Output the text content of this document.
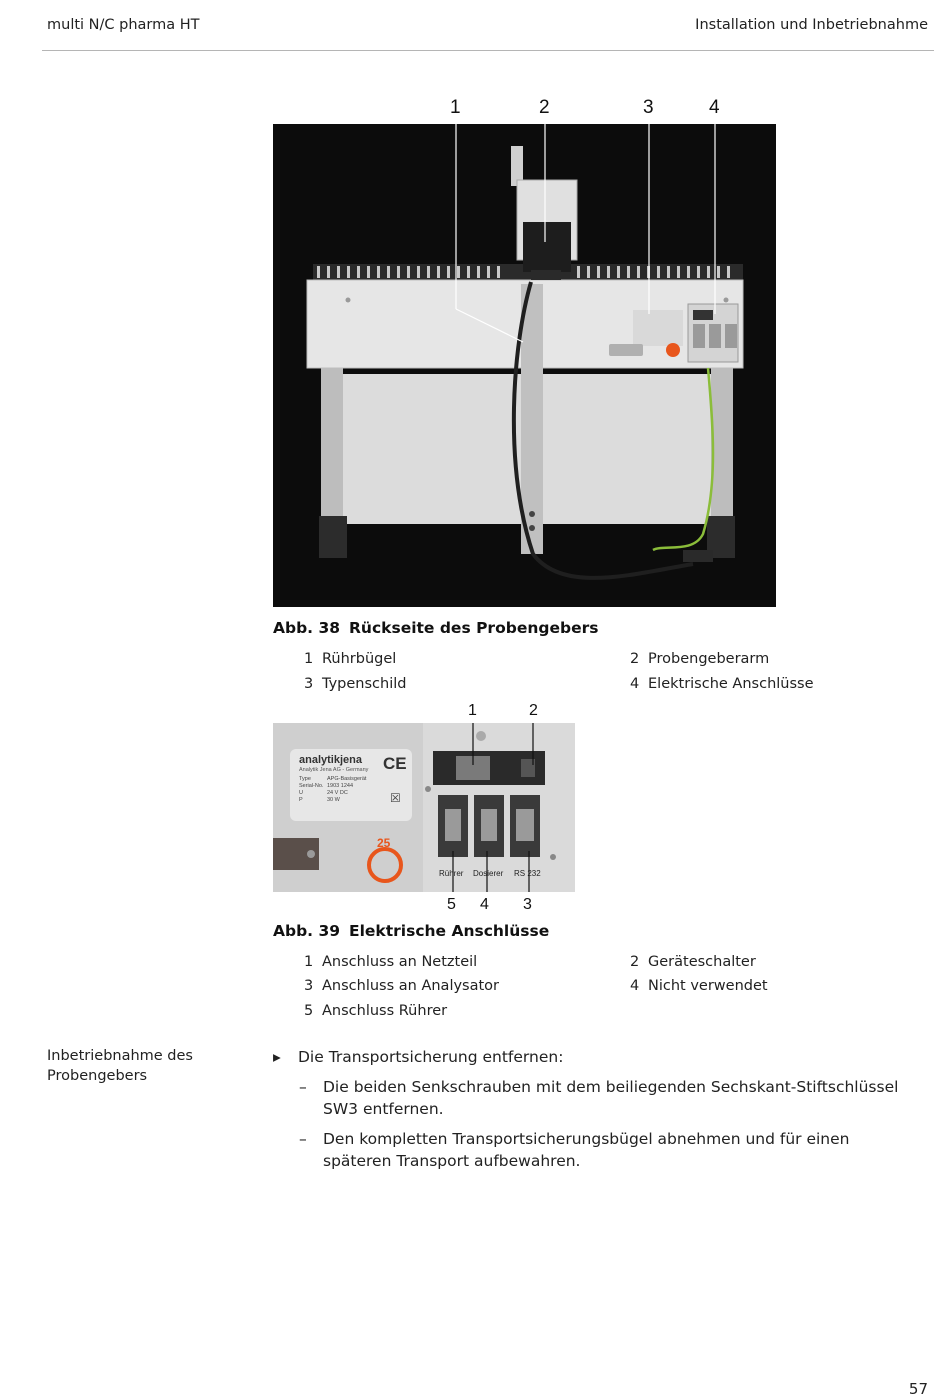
multi N/C pharma HT	Installation und Inbetriebnahme
1	2	3	4
Abb. 38 Rückseite des Probengebers
1 Rührbügel	2 Probengeberarm
3 Typenschild	4 Elektrische Anschlüsse
1	2
analytikjena
Analytik Jena AG - Germany CE
Type	APG-Basisgerät
Serial-No. 1903 1244
U	24 V DC
P	30 W	☒
25
Rührer Dosierer RS 232
5 4 3
Abb. 39 Elektrische Anschlüsse
1 Anschluss an Netzteil	2 Geräteschalter
3 Anschluss an Analysator	4 Nicht verwendet
5 Anschluss Rührer
Inbetriebnahme des Probengebers
▸ Die Transportsicherung entfernen:
– Die beiden Senkschrauben mit dem beiliegenden Sechskant-Stiftschlüssel SW3 entfernen.
– Den kompletten Transportsicherungsbügel abnehmen und für einen späteren Transport aufbewahren.
57
